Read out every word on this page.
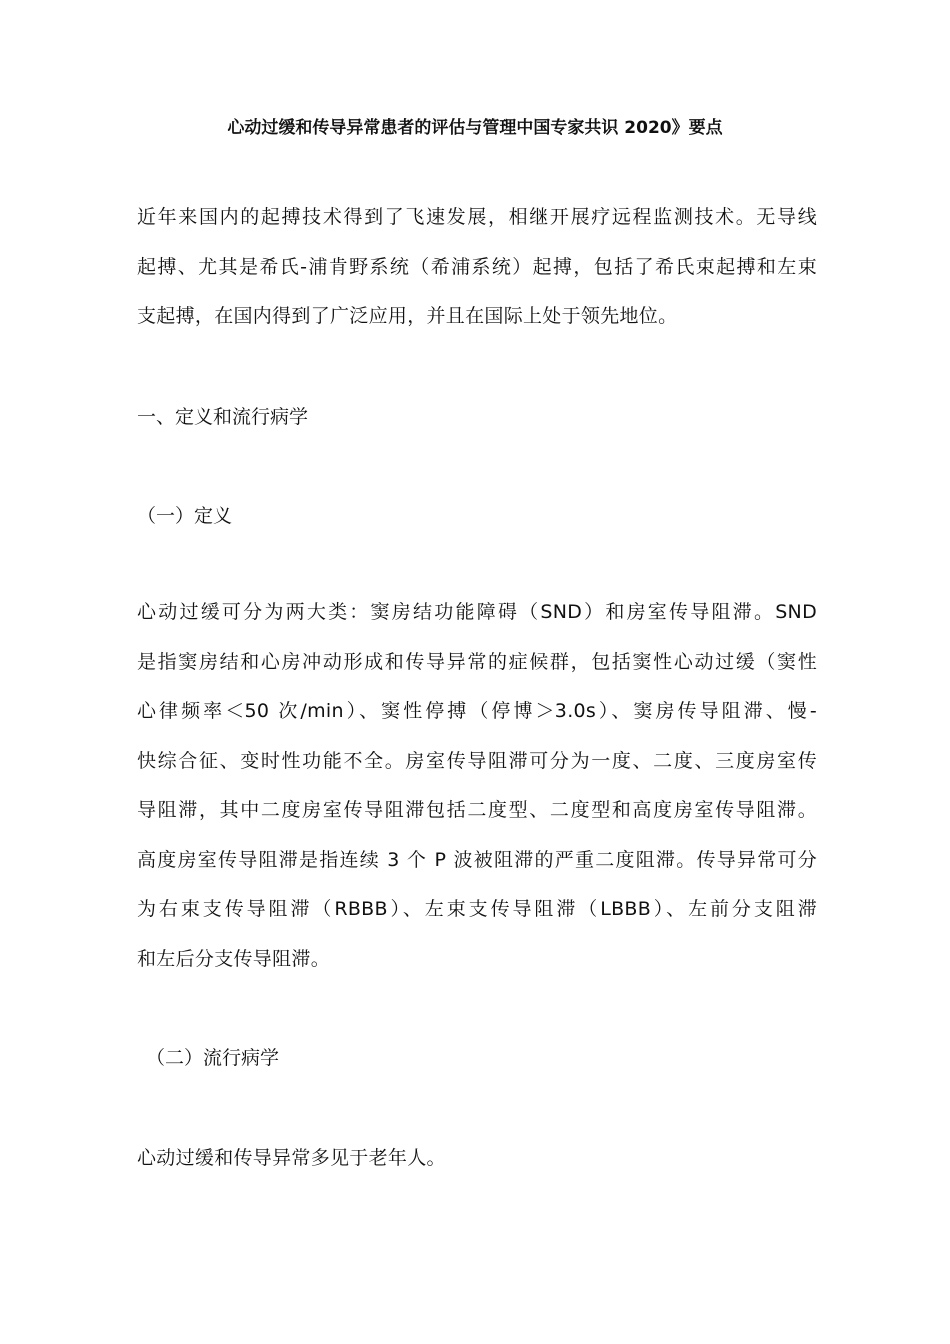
心动过缓和传导异常患者的评估与管理中国专家共识 2020》要点

近年来国内的起搏技术得到了飞速发展，相继开展疗远程监测技术。无导线
起搏、尤其是希氏-浦肯野系统（希浦系统）起搏，包括了希氏束起搏和左束
支起搏，在国内得到了广泛应用，并且在国际上处于领先地位。

一、定义和流行病学

（一）定义

心动过缓可分为两大类：窦房结功能障碍（SND）和房室传导阻滞。SND
是指窦房结和心房冲动形成和传导异常的症候群，包括窦性心动过缓（窦性
心律频率＜50 次/min）、窦性停搏（停博＞3.0s）、窦房传导阻滞、慢-
快综合征、变时性功能不全。房室传导阻滞可分为一度、二度、三度房室传
导阻滞，其中二度房室传导阻滞包括二度型、二度型和高度房室传导阻滞。
高度房室传导阻滞是指连续 3 个 P 波被阻滞的严重二度阻滞。传导异常可分
为右束支传导阻滞（RBBB）、左束支传导阻滞（LBBB）、左前分支阻滞
和左后分支传导阻滞。

（二）流行病学

心动过缓和传导异常多见于老年人。
